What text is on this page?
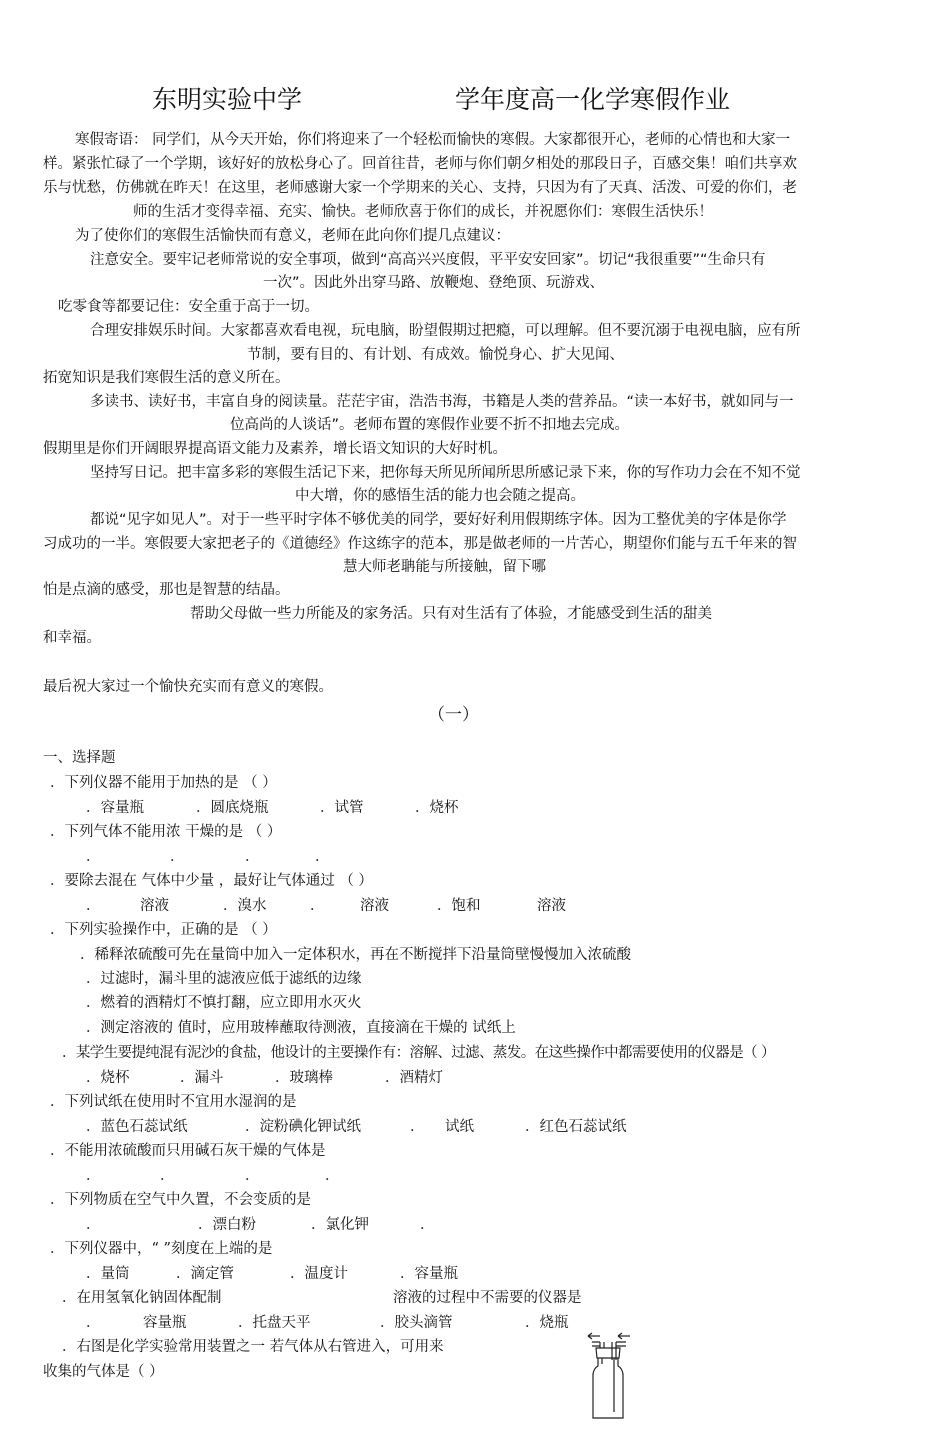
东明实验中学	学年度高一化学寒假作业
寒假寄语： 同学们，从今天开始，你们将迎来了一个轻松而愉快的寒假。大家都很开心，老师的心情也和大家一
样。紧张忙碌了一个学期，该好好的放松身心了。回首往昔，老师与你们朝夕相处的那段日子，百感交集！咱们共享欢
乐与忧愁，仿佛就在昨天！在这里，老师感谢大家一个学期来的关心、支持，只因为有了天真、活泼、可爱的你们，老
师的生活才变得幸福、充实、愉快。老师欣喜于你们的成长，并祝愿你们：寒假生活快乐！
为了使你们的寒假生活愉快而有意义，老师在此向你们提几点建议：
注意安全。要牢记老师常说的安全事项，做到“高高兴兴度假，平平安安回家”。切记“我很重要”“生命只有
一次”。因此外出穿马路、放鞭炮、登绝顶、玩游戏、
吃零食等都要记住：安全重于高于一切。
合理安排娱乐时间。大家都喜欢看电视，玩电脑，盼望假期过把瘾，可以理解。但不要沉溺于电视电脑，应有所
节制，要有目的、有计划、有成效。愉悦身心、扩大见闻、
拓宽知识是我们寒假生活的意义所在。
多读书、读好书，丰富自身的阅读量。茫茫宇宙，浩浩书海，书籍是人类的营养品。“读一本好书，就如同与一
位高尚的人谈话”。老师布置的寒假作业要不折不扣地去完成。
假期里是你们开阔眼界提高语文能力及素养，增长语文知识的大好时机。
坚持写日记。把丰富多彩的寒假生活记下来，把你每天所见所闻所思所感记录下来，你的写作功力会在不知不觉
中大增，你的感悟生活的能力也会随之提高。
都说“见字如见人”。对于一些平时字体不够优美的同学，要好好利用假期练字体。因为工整优美的字体是你学
习成功的一半。寒假要大家把老子的《道德经》作这练字的范本，那是做老师的一片苦心，期望你们能与五千年来的智
慧大师老聃能与所接触，留下哪
怕是点滴的感受，那也是智慧的结晶。
帮助父母做一些力所能及的家务活。只有对生活有了体验，才能感受到生活的甜美
和幸福。
最后祝大家过一个愉快充实而有意义的寒假。
（一）
一、选择题
．下列仪器不能用于加热的是 （ ）
．容量瓶	．圆底烧瓶	．试管	．烧杯
．下列气体不能用浓 干燥的是 （ ）
．	．	．	．
．要除去混在 气体中少量 ，最好让气体通过 （ ）
．	溶液	．溴水	． 溶液	．饱和	溶液
．下列实验操作中，正确的是 （ ）
．稀释浓硫酸可先在量筒中加入一定体积水，再在不断搅拌下沿量筒壁慢慢加入浓硫酸
．过滤时，漏斗里的滤液应低于滤纸的边缘
．燃着的酒精灯不慎打翻，应立即用水灭火
．测定溶液的 值时，应用玻棒蘸取待测液，直接滴在干燥的 试纸上
．某学生要提纯混有泥沙的食盐，他设计的主要操作有：溶解、过滤、蒸发。在这些操作中都需要使用的仪器是（ ）
．烧杯	．漏斗	．玻璃棒	．酒精灯
．下列试纸在使用时不宜用水湿润的是
．蓝色石蕊试纸	．淀粉碘化钾试纸	． 试纸	．红色石蕊试纸
．不能用浓硫酸而只用碱石灰干燥的气体是
．	．	．	．
．下列物质在空气中久置，不会变质的是
．	．漂白粉	．氯化钾	．
．下列仪器中，“ ”刻度在上端的是
．量筒	．滴定管	．温度计	．容量瓶
．在用氢氧化钠固体配制	溶液的过程中不需要的仪器是
．	容量瓶	．托盘天平	．胶头滴管	．烧瓶
．右图是化学实验常用装置之一 若气体从右管进入，可用来
收集的气体是（ ）
